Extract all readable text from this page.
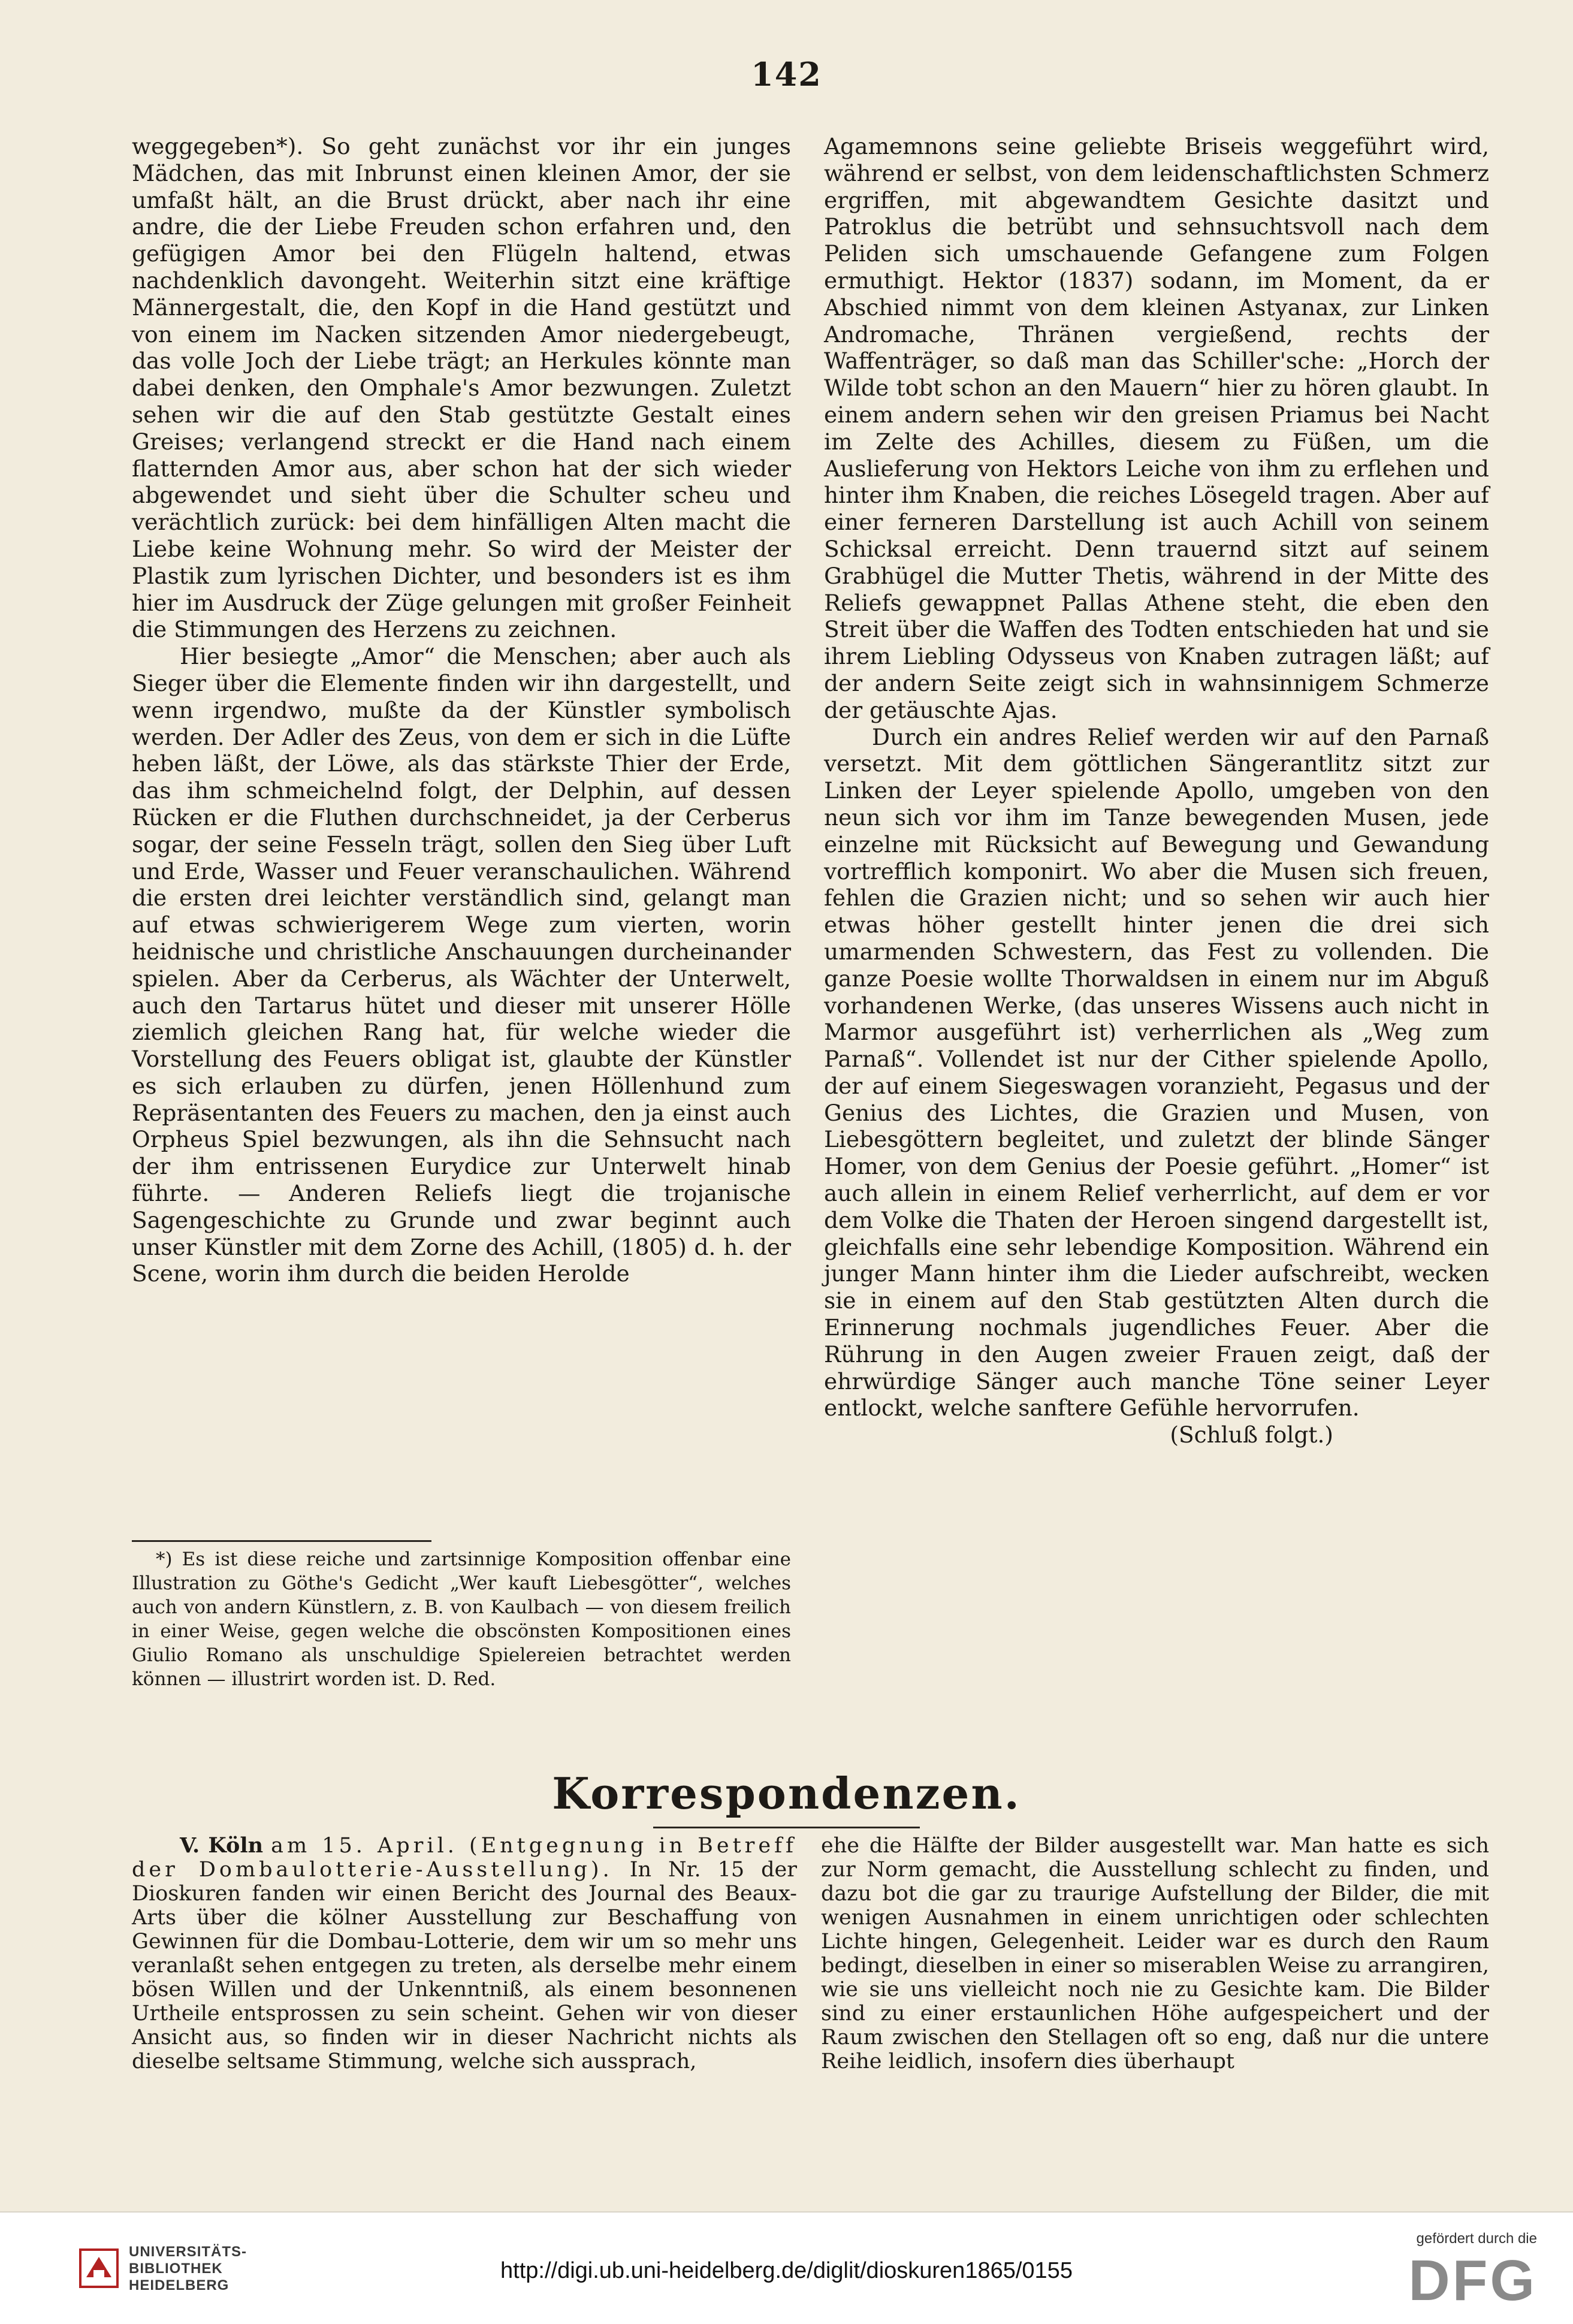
142

weggegeben*). So geht zunächst vor ihr ein junges Mädchen, das mit Inbrunst einen kleinen Amor, der sie umfaßt hält, an die Brust drückt, aber nach ihr eine andre, die der Liebe Freuden schon erfahren und, den gefügigen Amor bei den Flügeln haltend, etwas nachdenklich davongeht. Weiterhin sitzt eine kräftige Männergestalt, die, den Kopf in die Hand gestützt und von einem im Nacken sitzenden Amor niedergebeugt, das volle Joch der Liebe trägt; an Herkules könnte man dabei denken, den Omphale's Amor bezwungen. Zuletzt sehen wir die auf den Stab gestützte Gestalt eines Greises; verlangend streckt er die Hand nach einem flatternden Amor aus, aber schon hat der sich wieder abgewendet und sieht über die Schulter scheu und verächtlich zurück: bei dem hinfälligen Alten macht die Liebe keine Wohnung mehr. So wird der Meister der Plastik zum lyrischen Dichter, und besonders ist es ihm hier im Ausdruck der Züge gelungen mit großer Feinheit die Stimmungen des Herzens zu zeichnen.

Hier besiegte „Amor“ die Menschen; aber auch als Sieger über die Elemente finden wir ihn dargestellt, und wenn irgendwo, mußte da der Künstler symbolisch werden. Der Adler des Zeus, von dem er sich in die Lüfte heben läßt, der Löwe, als das stärkste Thier der Erde, das ihm schmeichelnd folgt, der Delphin, auf dessen Rücken er die Fluthen durchschneidet, ja der Cerberus sogar, der seine Fesseln trägt, sollen den Sieg über Luft und Erde, Wasser und Feuer veranschaulichen. Während die ersten drei leichter verständlich sind, gelangt man auf etwas schwierigerem Wege zum vierten, worin heidnische und christliche Anschauungen durcheinander spielen. Aber da Cerberus, als Wächter der Unterwelt, auch den Tartarus hütet und dieser mit unserer Hölle ziemlich gleichen Rang hat, für welche wieder die Vorstellung des Feuers obligat ist, glaubte der Künstler es sich erlauben zu dürfen, jenen Höllenhund zum Repräsentanten des Feuers zu machen, den ja einst auch Orpheus Spiel bezwungen, als ihn die Sehnsucht nach der ihm entrissenen Eurydice zur Unterwelt hinab führte. — Anderen Reliefs liegt die trojanische Sagengeschichte zu Grunde und zwar beginnt auch unser Künstler mit dem Zorne des Achill, (1805) d. h. der Scene, worin ihm durch die beiden Herolde

*) Es ist diese reiche und zartsinnige Komposition offenbar eine Illustration zu Göthe's Gedicht „Wer kauft Liebesgötter“, welches auch von andern Künstlern, z. B. von Kaulbach — von diesem freilich in einer Weise, gegen welche die obscönsten Kompositionen eines Giulio Romano als unschuldige Spielereien betrachtet werden können — illustrirt worden ist. D. Red.

Agamemnons seine geliebte Briseis weggeführt wird, während er selbst, von dem leidenschaftlichsten Schmerz ergriffen, mit abgewandtem Gesichte dasitzt und Patroklus die betrübt und sehnsuchtsvoll nach dem Peliden sich umschauende Gefangene zum Folgen ermuthigt. Hektor (1837) sodann, im Moment, da er Abschied nimmt von dem kleinen Astyanax, zur Linken Andromache, Thränen vergießend, rechts der Waffenträger, so daß man das Schiller'sche: „Horch der Wilde tobt schon an den Mauern“ hier zu hören glaubt. In einem andern sehen wir den greisen Priamus bei Nacht im Zelte des Achilles, diesem zu Füßen, um die Auslieferung von Hektors Leiche von ihm zu erflehen und hinter ihm Knaben, die reiches Lösegeld tragen. Aber auf einer ferneren Darstellung ist auch Achill von seinem Schicksal erreicht. Denn trauernd sitzt auf seinem Grabhügel die Mutter Thetis, während in der Mitte des Reliefs gewappnet Pallas Athene steht, die eben den Streit über die Waffen des Todten entschieden hat und sie ihrem Liebling Odysseus von Knaben zutragen läßt; auf der andern Seite zeigt sich in wahnsinnigem Schmerze der getäuschte Ajas.

Durch ein andres Relief werden wir auf den Parnaß versetzt. Mit dem göttlichen Sängerantlitz sitzt zur Linken der Leyer spielende Apollo, umgeben von den neun sich vor ihm im Tanze bewegenden Musen, jede einzelne mit Rücksicht auf Bewegung und Gewandung vortrefflich komponirt. Wo aber die Musen sich freuen, fehlen die Grazien nicht; und so sehen wir auch hier etwas höher gestellt hinter jenen die drei sich umarmenden Schwestern, das Fest zu vollenden. Die ganze Poesie wollte Thorwaldsen in einem nur im Abguß vorhandenen Werke, (das unseres Wissens auch nicht in Marmor ausgeführt ist) verherrlichen als „Weg zum Parnaß“. Vollendet ist nur der Cither spielende Apollo, der auf einem Siegeswagen voranzieht, Pegasus und der Genius des Lichtes, die Grazien und Musen, von Liebesgöttern begleitet, und zuletzt der blinde Sänger Homer, von dem Genius der Poesie geführt. „Homer“ ist auch allein in einem Relief verherrlicht, auf dem er vor dem Volke die Thaten der Heroen singend dargestellt ist, gleichfalls eine sehr lebendige Komposition. Während ein junger Mann hinter ihm die Lieder aufschreibt, wecken sie in einem auf den Stab gestützten Alten durch die Erinnerung nochmals jugendliches Feuer. Aber die Rührung in den Augen zweier Frauen zeigt, daß der ehrwürdige Sänger auch manche Töne seiner Leyer entlockt, welche sanftere Gefühle hervorrufen.

(Schluß folgt.)

Korrespondenzen.

V. Köln am 15. April. (Entgegnung in Betreff der Dombaulotterie-Ausstellung). In Nr. 15 der Dioskuren fanden wir einen Bericht des Journal des Beaux-Arts über die kölner Ausstellung zur Beschaffung von Gewinnen für die Dombau-Lotterie, dem wir um so mehr uns veranlaßt sehen entgegen zu treten, als derselbe mehr einem bösen Willen und der Unkenntniß, als einem besonnenen Urtheile entsprossen zu sein scheint. Gehen wir von dieser Ansicht aus, so finden wir in dieser Nachricht nichts als dieselbe seltsame Stimmung, welche sich aussprach,

ehe die Hälfte der Bilder ausgestellt war. Man hatte es sich zur Norm gemacht, die Ausstellung schlecht zu finden, und dazu bot die gar zu traurige Aufstellung der Bilder, die mit wenigen Ausnahmen in einem unrichtigen oder schlechten Lichte hingen, Gelegenheit. Leider war es durch den Raum bedingt, dieselben in einer so miserablen Weise zu arrangiren, wie sie uns vielleicht noch nie zu Gesichte kam. Die Bilder sind zu einer erstaunlichen Höhe aufgespeichert und der Raum zwischen den Stellagen oft so eng, daß nur die untere Reihe leidlich, insofern dies überhaupt

UNIVERSITÄTS-
BIBLIOTHEK
HEIDELBERG
http://digi.ub.uni-heidelberg.de/diglit/dioskuren1865/0155
gefördert durch die
DFG
